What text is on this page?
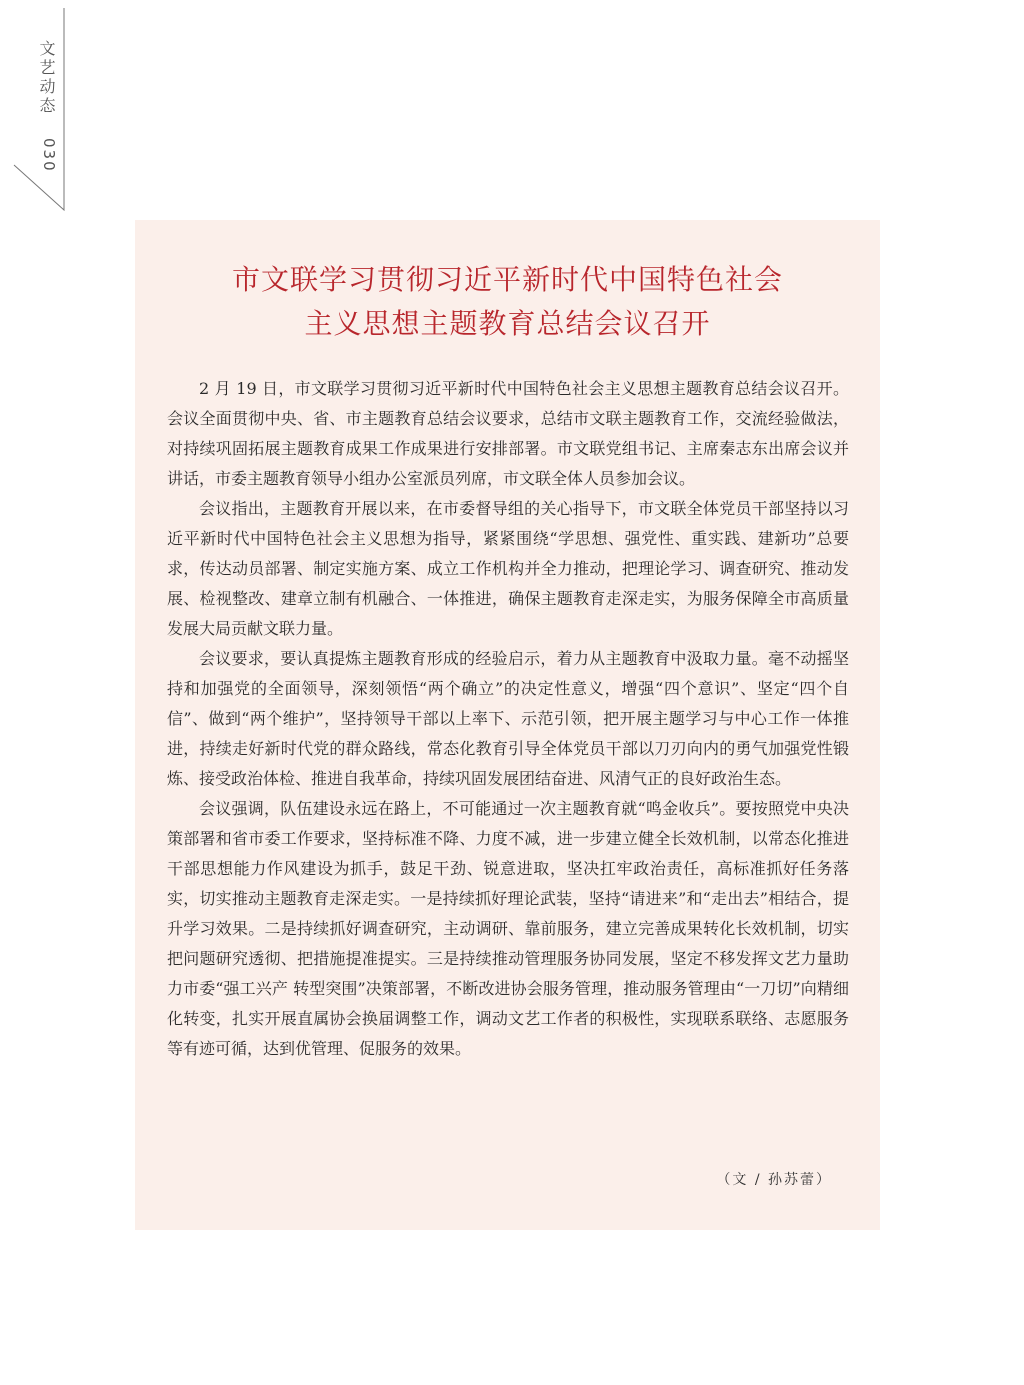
文艺动态
030
市文联学习贯彻习近平新时代中国特色社会
主义思想主题教育总结会议召开

2 月 19 日，市文联学习贯彻习近平新时代中国特色社会主义思想主题教育总结会议召开。会议全面贯彻中央、省、市主题教育总结会议要求，总结市文联主题教育工作，交流经验做法，对持续巩固拓展主题教育成果工作成果进行安排部署。市文联党组书记、主席秦志东出席会议并讲话，市委主题教育领导小组办公室派员列席，市文联全体人员参加会议。

会议指出，主题教育开展以来，在市委督导组的关心指导下，市文联全体党员干部坚持以习近平新时代中国特色社会主义思想为指导，紧紧围绕“学思想、强党性、重实践、建新功”总要求，传达动员部署、制定实施方案、成立工作机构并全力推动，把理论学习、调查研究、推动发展、检视整改、建章立制有机融合、一体推进，确保主题教育走深走实，为服务保障全市高质量发展大局贡献文联力量。

会议要求，要认真提炼主题教育形成的经验启示，着力从主题教育中汲取力量。毫不动摇坚持和加强党的全面领导，深刻领悟“两个确立”的决定性意义，增强“四个意识”、坚定“四个自信”、做到“两个维护”，坚持领导干部以上率下、示范引领，把开展主题学习与中心工作一体推进，持续走好新时代党的群众路线，常态化教育引导全体党员干部以刀刃向内的勇气加强党性锻炼、接受政治体检、推进自我革命，持续巩固发展团结奋进、风清气正的良好政治生态。

会议强调，队伍建设永远在路上，不可能通过一次主题教育就“鸣金收兵”。要按照党中央决策部署和省市委工作要求，坚持标准不降、力度不减，进一步建立健全长效机制，以常态化推进干部思想能力作风建设为抓手，鼓足干劲、锐意进取，坚决扛牢政治责任，高标准抓好任务落实，切实推动主题教育走深走实。一是持续抓好理论武装，坚持“请进来”和“走出去”相结合，提升学习效果。二是持续抓好调查研究，主动调研、靠前服务，建立完善成果转化长效机制，切实把问题研究透彻、把措施提准提实。三是持续推动管理服务协同发展，坚定不移发挥文艺力量助力市委“强工兴产 转型突围”决策部署，不断改进协会服务管理，推动服务管理由“一刀切”向精细化转变，扎实开展直属协会换届调整工作，调动文艺工作者的积极性，实现联系联络、志愿服务等有迹可循，达到优管理、促服务的效果。

（文 / 孙苏蕾）
